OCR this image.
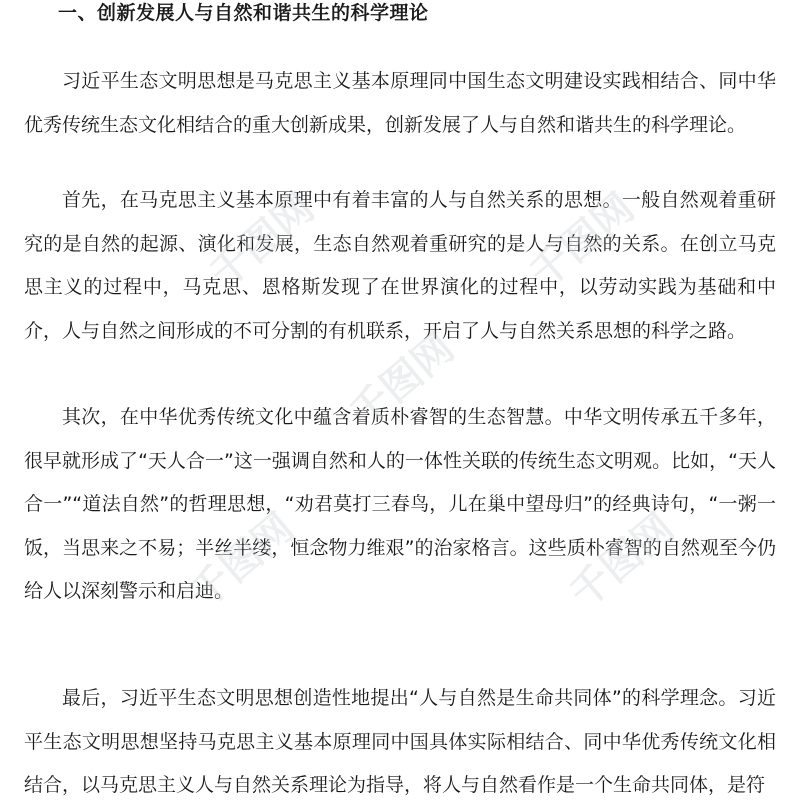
一、创新发展人与自然和谐共生的科学理论

习近平生态文明思想是马克思主义基本原理同中国生态文明建设实践相结合、同中华优秀传统生态文化相结合的重大创新成果，创新发展了人与自然和谐共生的科学理论。

首先，在马克思主义基本原理中有着丰富的人与自然关系的思想。一般自然观着重研究的是自然的起源、演化和发展，生态自然观着重研究的是人与自然的关系。在创立马克思主义的过程中，马克思、恩格斯发现了在世界演化的过程中，以劳动实践为基础和中介，人与自然之间形成的不可分割的有机联系，开启了人与自然关系思想的科学之路。

其次，在中华优秀传统文化中蕴含着质朴睿智的生态智慧。中华文明传承五千多年，很早就形成了“天人合一”这一强调自然和人的一体性关联的传统生态文明观。比如，“天人合一”“道法自然”的哲理思想，“劝君莫打三春鸟，儿在巢中望母归”的经典诗句，“一粥一饭，当思来之不易；半丝半缕，恒念物力维艰”的治家格言。这些质朴睿智的自然观至今仍给人以深刻警示和启迪。

最后，习近平生态文明思想创造性地提出“人与自然是生命共同体”的科学理念。习近平生态文明思想坚持马克思主义基本原理同中国具体实际相结合、同中华优秀传统文化相结合，以马克思主义人与自然关系理论为指导，将人与自然看作是一个生命共同体，是符

千图网	千图网
千图网
千图网	千图网
